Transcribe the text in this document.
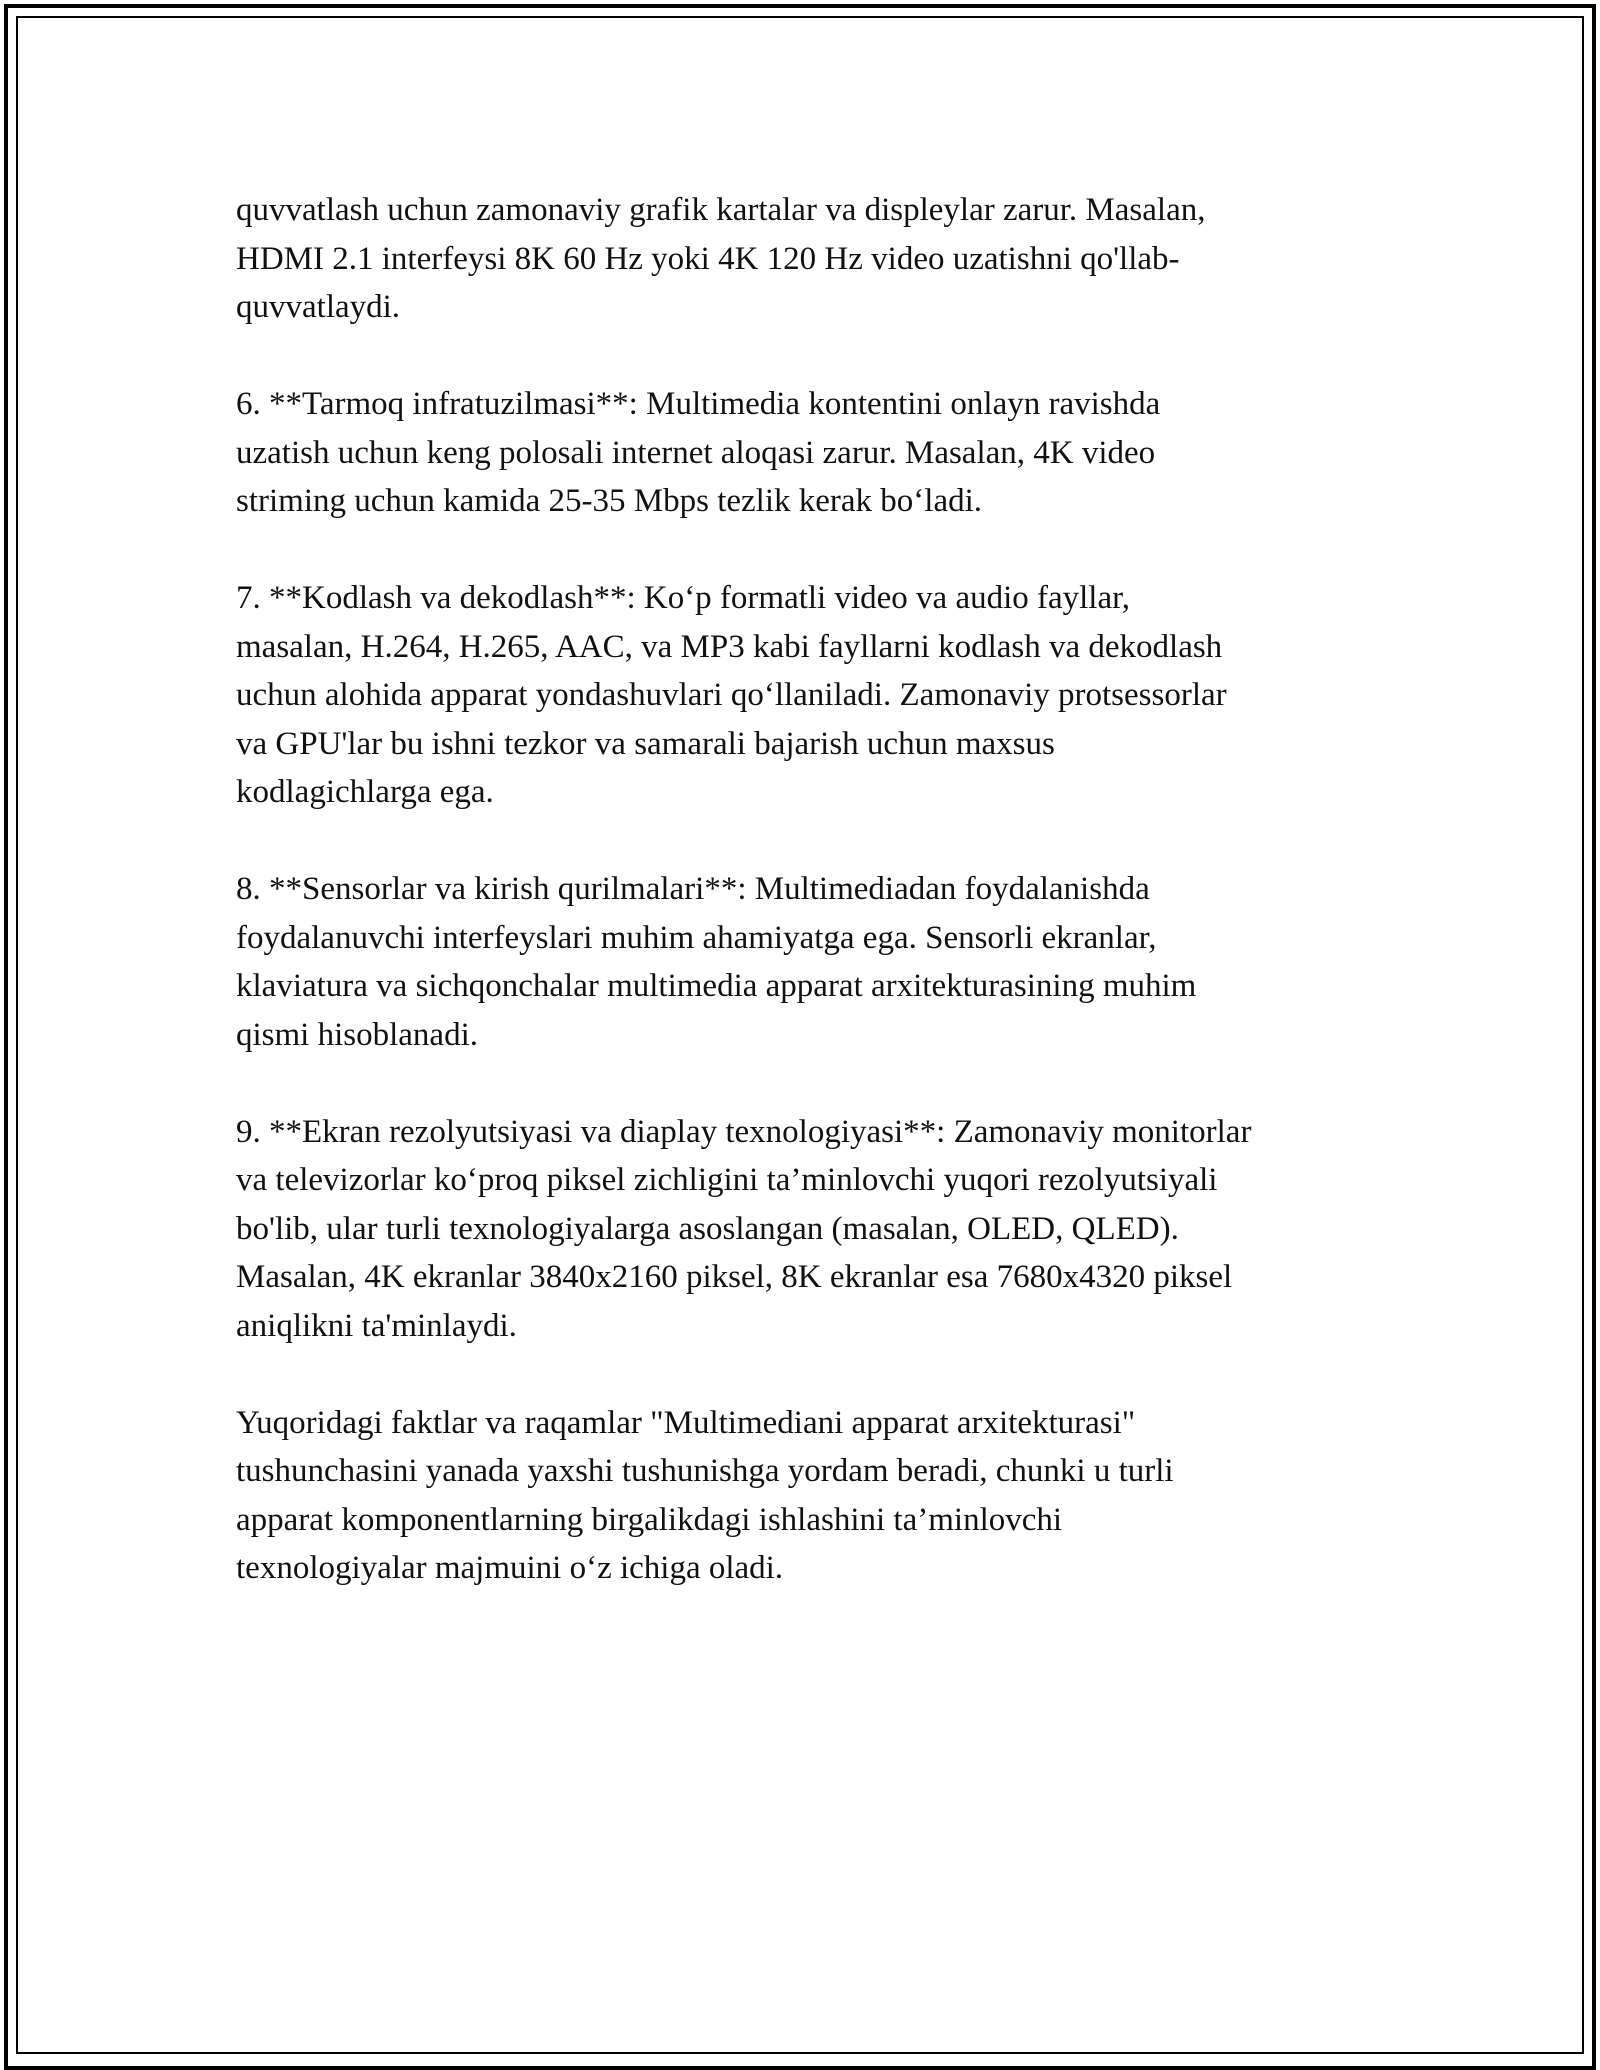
quvvatlash uchun zamonaviy grafik kartalar va displeylar zarur. Masalan,
HDMI 2.1 interfeysi 8K 60 Hz yoki 4K 120 Hz video uzatishni qo'llab-
quvvatlaydi.

6. **Tarmoq infratuzilmasi**: Multimedia kontentini onlayn ravishda
uzatish uchun keng polosali internet aloqasi zarur. Masalan, 4K video
striming uchun kamida 25-35 Mbps tezlik kerak bo‘ladi.

7. **Kodlash va dekodlash**: Ko‘p formatli video va audio fayllar,
masalan, H.264, H.265, AAC, va MP3 kabi fayllarni kodlash va dekodlash
uchun alohida apparat yondashuvlari qo‘llaniladi. Zamonaviy protsessorlar
va GPU'lar bu ishni tezkor va samarali bajarish uchun maxsus
kodlagichlarga ega.

8. **Sensorlar va kirish qurilmalari**: Multimediadan foydalanishda
foydalanuvchi interfeyslari muhim ahamiyatga ega. Sensorli ekranlar,
klaviatura va sichqonchalar multimedia apparat arxitekturasining muhim
qismi hisoblanadi.

9. **Ekran rezolyutsiyasi va diaplay texnologiyasi**: Zamonaviy monitorlar
va televizorlar ko‘proq piksel zichligini ta’minlovchi yuqori rezolyutsiyali
bo'lib, ular turli texnologiyalarga asoslangan (masalan, OLED, QLED).
Masalan, 4K ekranlar 3840x2160 piksel, 8K ekranlar esa 7680x4320 piksel
aniqlikni ta'minlaydi.

Yuqoridagi faktlar va raqamlar "Multimediani apparat arxitekturasi"
tushunchasini yanada yaxshi tushunishga yordam beradi, chunki u turli
apparat komponentlarning birgalikdagi ishlashini ta’minlovchi
texnologiyalar majmuini o‘z ichiga oladi.
